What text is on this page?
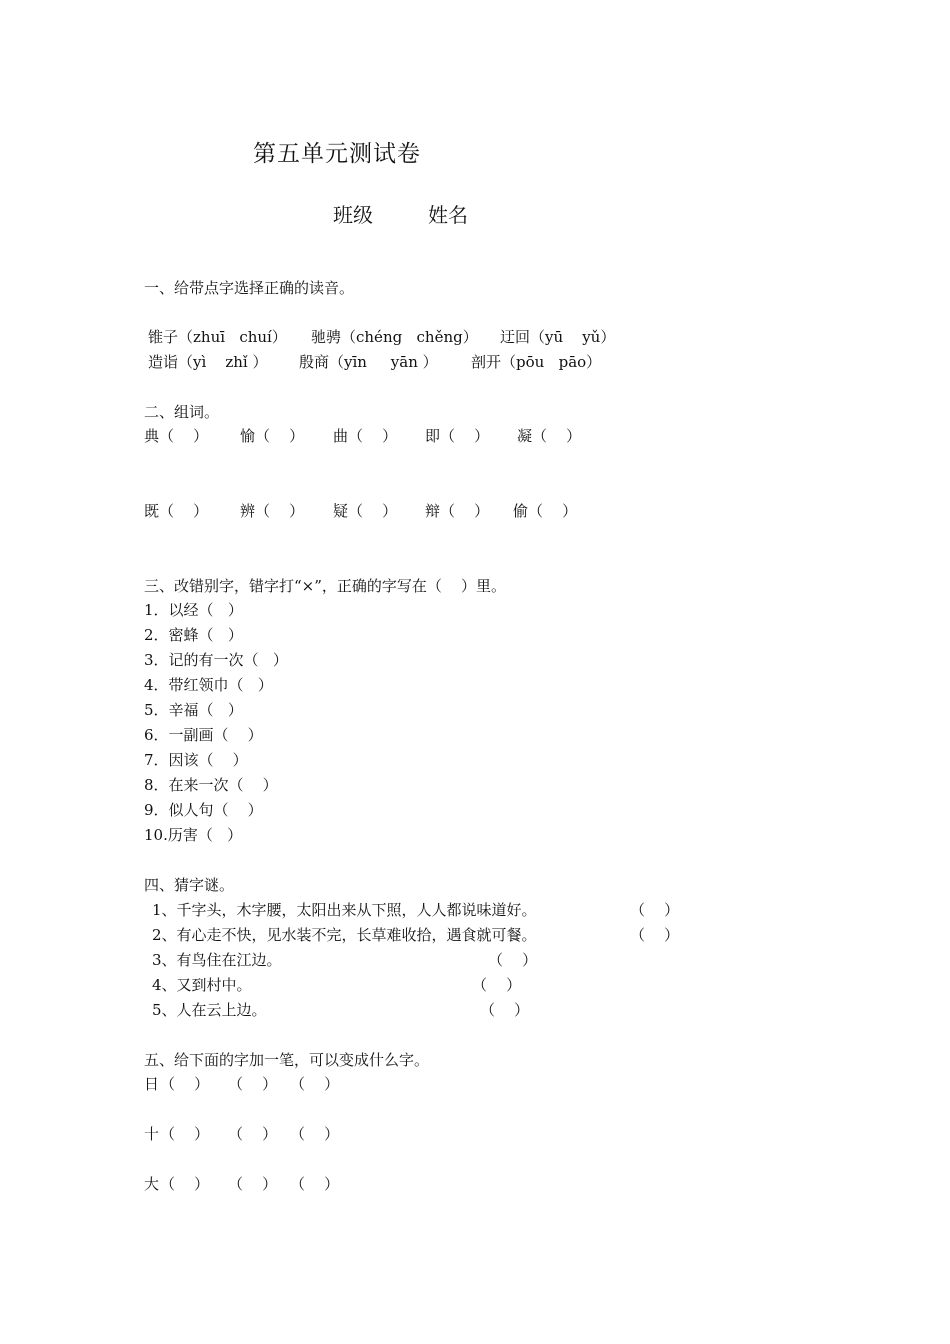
第五单元测试卷
班级	姓名
一、给带点字选择正确的读音。
锥子（zhuī   chuí） 驰骋（chéng   chěng） 迂回（yū    yǔ）
造诣（yì    zhǐ ） 殷商（yīn     yān ） 剖开（pōu   pāo）
二、组词。
典（    ） 愉（    ） 曲（    ） 即（    ） 凝（    ）
既（    ） 辨（    ） 疑（    ） 辩（    ） 偷（    ）
三、改错别字，错字打“×”，正确的字写在（    ）里。
1．以经（   ）
2．密蜂（   ）
3．记的有一次（   ）
4．带红领巾（   ）
5．辛福（   ）
6．一副画（    ）
7．因该（    ）
8．在来一次（    ）
9．似人句（    ）
10.历害（   ）
四、猜字谜。
1、千字头，木字腰，太阳出来从下照，人人都说味道好。	（    ）
2、有心走不快，见水装不完，长草难收拾，遇食就可餐。	（    ）
3、有鸟住在江边。	（    ）
4、又到村中。	（    ）
5、人在云上边。	（    ）
五、给下面的字加一笔，可以变成什么字。
日 （    ） （    ） （    ）
十 （    ） （    ） （    ）
大 （    ） （    ） （    ）
